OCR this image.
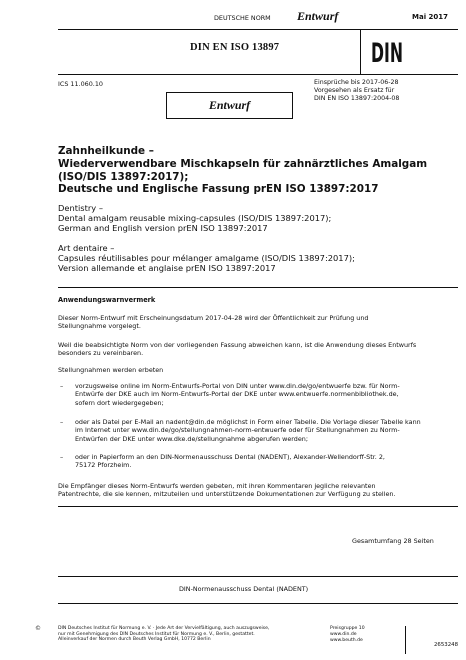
DEUTSCHE NORM Entwurf	Mai 2017
DIN EN ISO 13897	DIN
ICS 11.060.10	Einsprüche bis 2017-06-28
Vorgesehen als Ersatz für
DIN EN ISO 13897:2004-08
Entwurf
Zahnheilkunde –
Wiederverwendbare Mischkapseln für zahnärztliches Amalgam
(ISO/DIS 13897:2017);
Deutsche und Englische Fassung prEN ISO 13897:2017
Dentistry –
Dental amalgam reusable mixing-capsules (ISO/DIS 13897:2017);
German and English version prEN ISO 13897:2017
Art dentaire –
Capsules réutilisables pour mélanger amalgame (ISO/DIS 13897:2017);
Version allemande et anglaise prEN ISO 13897:2017
Anwendungswarnvermerk
Dieser Norm-Entwurf mit Erscheinungsdatum 2017-04-28 wird der Öffentlichkeit zur Prüfung und
Stellungnahme vorgelegt.
Weil die beabsichtigte Norm von der vorliegenden Fassung abweichen kann, ist die Anwendung dieses Entwurfs
besonders zu vereinbaren.
Stellungnahmen werden erbeten
– vorzugsweise online im Norm-Entwurfs-Portal von DIN unter www.din.de/go/entwuerfe bzw. für Norm-
Entwürfe der DKE auch im Norm-Entwurfs-Portal der DKE unter www.entwuerfe.normenbibliothek.de,
sofern dort wiedergegeben;
– oder als Datei per E-Mail an nadent@din.de möglichst in Form einer Tabelle. Die Vorlage dieser Tabelle kann
im Internet unter www.din.de/go/stellungnahmen-norm-entwuerfe oder für Stellungnahmen zu Norm-
Entwürfen der DKE unter www.dke.de/stellungnahme abgerufen werden;
– oder in Papierform an den DIN-Normenausschuss Dental (NADENT), Alexander-Wellendorff-Str. 2,
75172 Pforzheim.
Die Empfänger dieses Norm-Entwurfs werden gebeten, mit ihren Kommentaren jegliche relevanten
Patentrechte, die sie kennen, mitzuteilen und unterstützende Dokumentationen zur Verfügung zu stellen.
Gesamtumfang 28 Seiten
DIN-Normenausschuss Dental (NADENT)
©	DIN Deutsches Institut für Normung e. V. · Jede Art der Vervielfältigung, auch auszugsweise,
nur mit Genehmigung des DIN Deutsches Institut für Normung e. V., Berlin, gestattet.
Alleinverkauf der Normen durch Beuth Verlag GmbH, 10772 Berlin
Preisgruppe 10
www.din.de
www.beuth.de
2653248
